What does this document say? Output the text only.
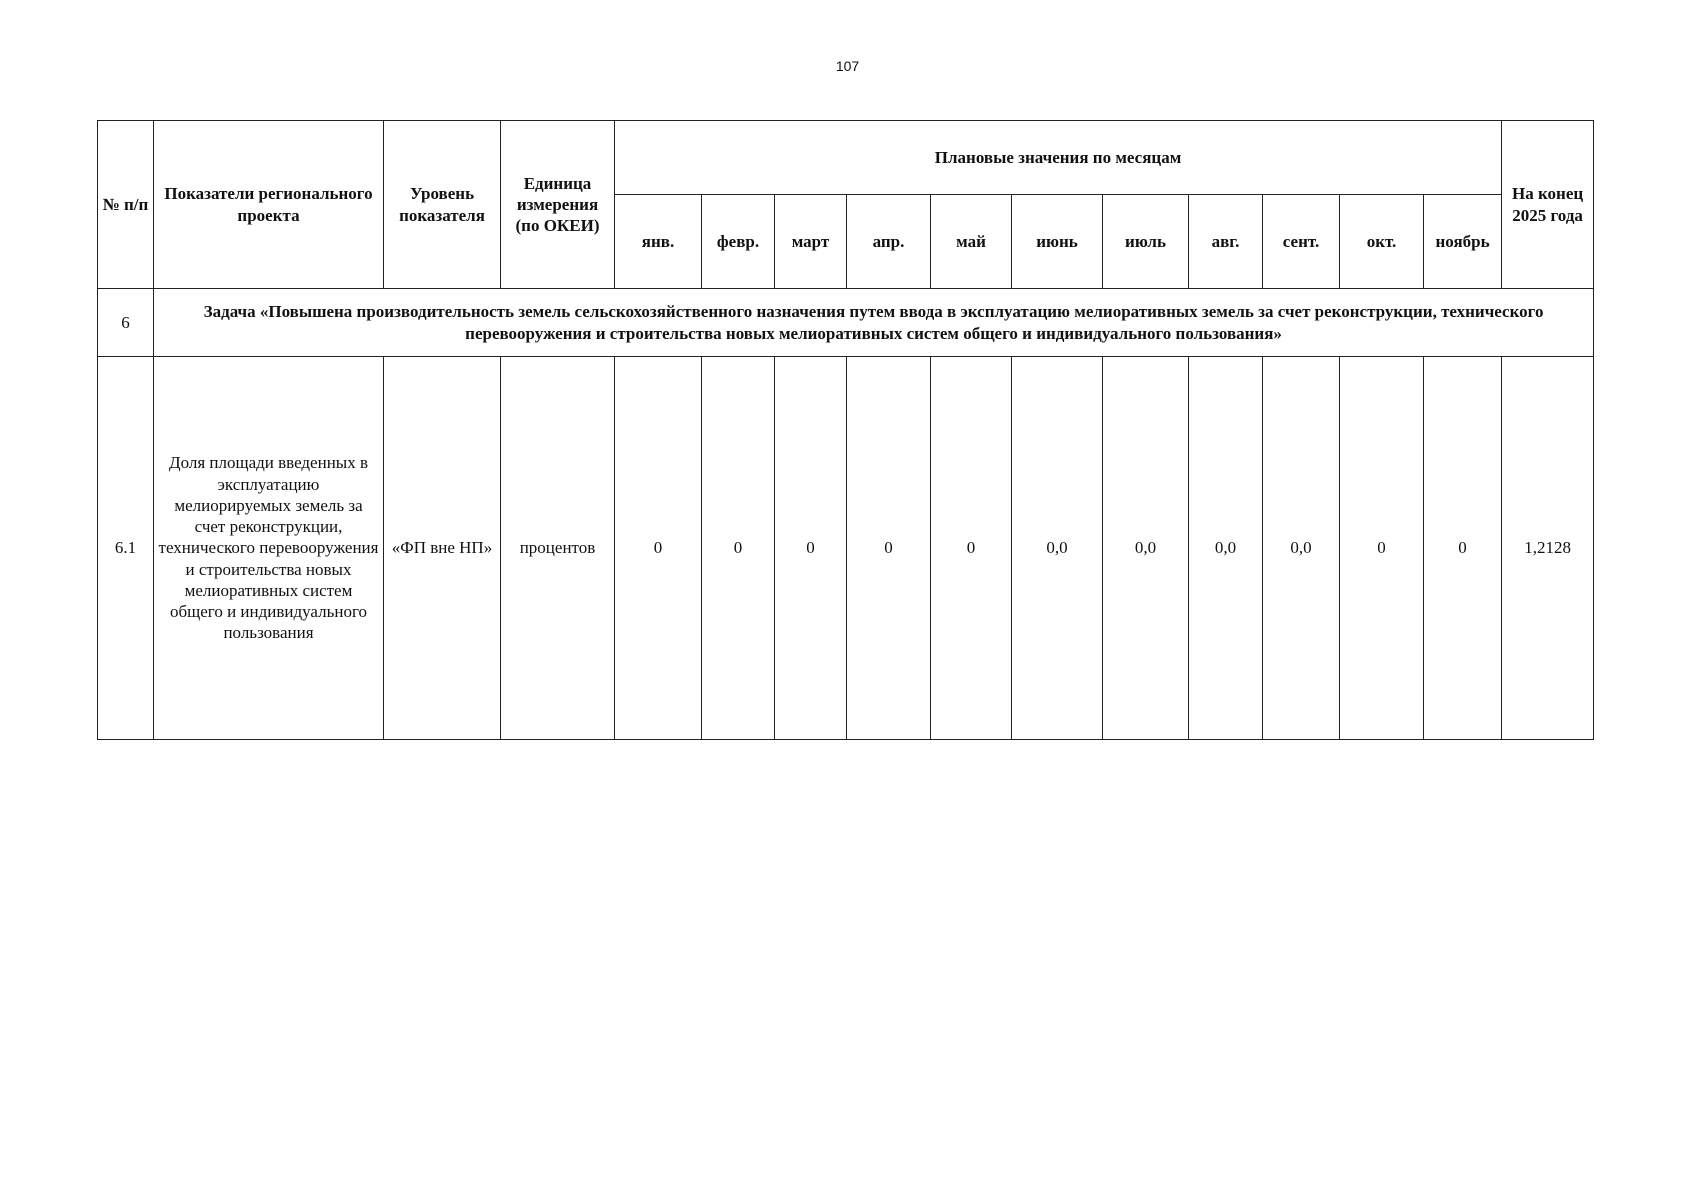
107
№ п/п	Показатели регионального проекта	Уровень показателя	Единица измерения (по ОКЕИ)	Плановые значения по месяцам											На конец 2025 года
				янв.	февр.	март	апр.	май	июнь	июль	авг.	сент.	окт.	ноябрь	
6	Задача «Повышена производительность земель сельскохозяйственного назначения путем ввода в эксплуатацию мелиоративных земель за счет реконструкции, технического перевооружения и строительства новых мелиоративных систем общего и индивидуального пользования»														
6.1	Доля площади введенных в эксплуатацию мелиорируемых земель за счет реконструкции, технического перевооружения и строительства новых мелиоративных систем общего и индивидуального пользования	«ФП вне НП»	процентов	0	0	0	0	0	0,0	0,0	0,0	0,0	0	0	1,2128
